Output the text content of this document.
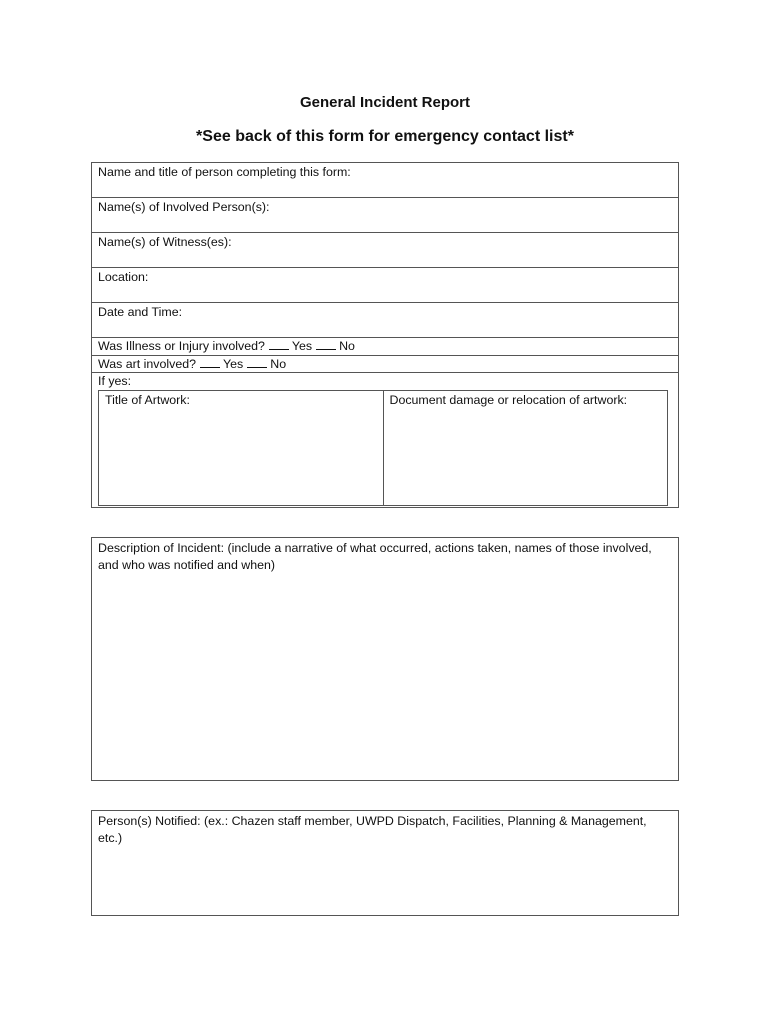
General Incident Report
*See back of this form for emergency contact list*
Name and title of person completing this form:
Name(s) of Involved Person(s):
Name(s) of Witness(es):
Location:
Date and Time:
Was Illness or Injury involved? Yes No
Was art involved? Yes No
If yes:
Title of Artwork:	Document damage or relocation of artwork:
Description of Incident: (include a narrative of what occurred, actions taken, names of those involved, and who was notified and when)
Person(s) Notified: (ex.: Chazen staff member, UWPD Dispatch, Facilities, Planning & Management, etc.)
